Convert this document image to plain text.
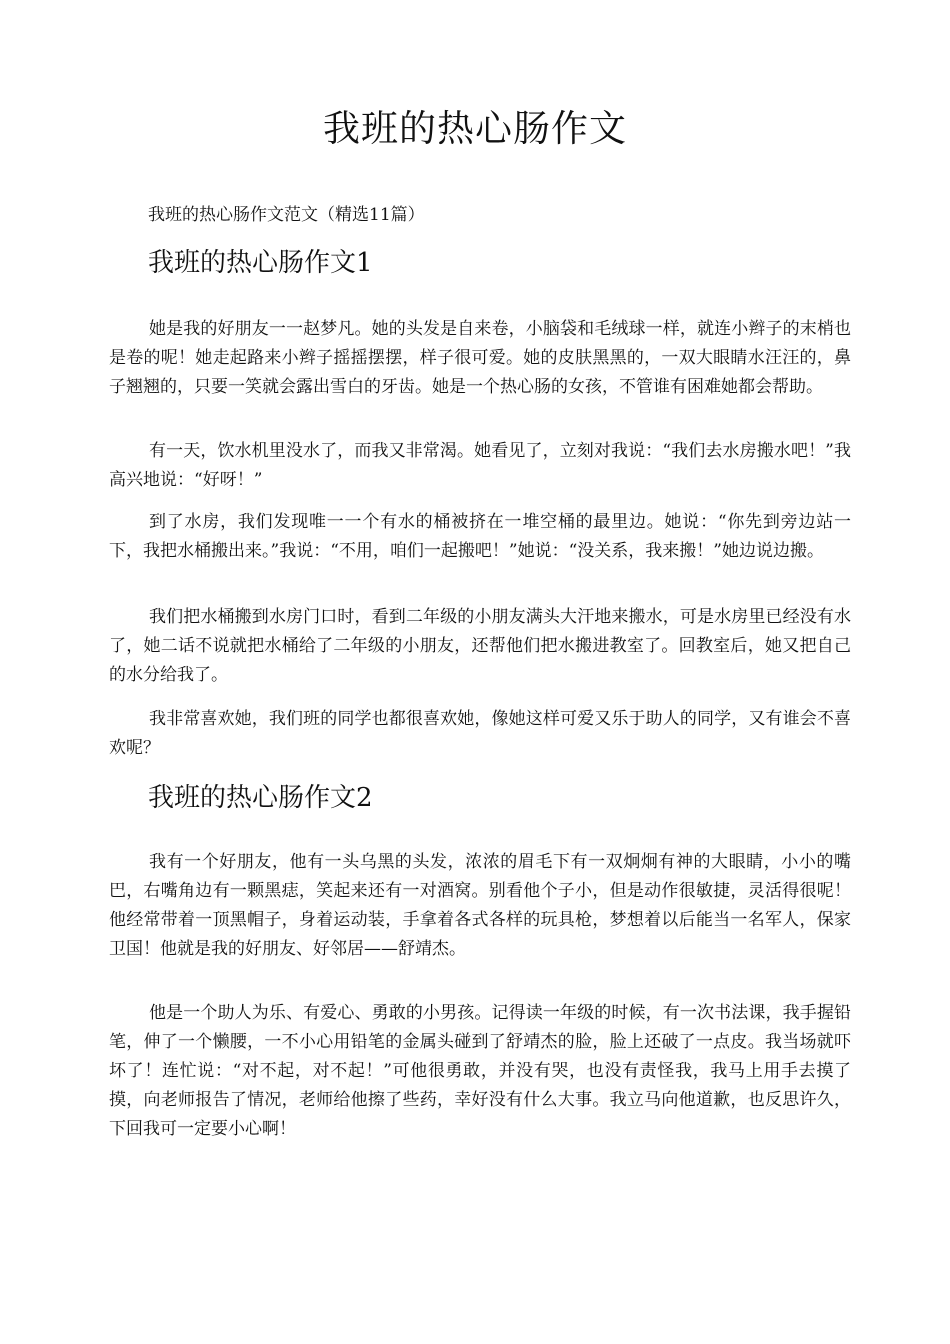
我班的热心肠作文

我班的热心肠作文范文（精选11篇）

我班的热心肠作文1

她是我的好朋友一一赵梦凡。她的头发是自来卷，小脑袋和毛绒球一样，就连小辫子的末梢也是卷的呢！她走起路来小辫子摇摇摆摆，样子很可爱。她的皮肤黑黑的，一双大眼睛水汪汪的，鼻子翘翘的，只要一笑就会露出雪白的牙齿。她是一个热心肠的女孩，不管谁有困难她都会帮助。

有一天，饮水机里没水了，而我又非常渴。她看见了，立刻对我说：“我们去水房搬水吧！”我高兴地说：“好呀！”

到了水房，我们发现唯一一个有水的桶被挤在一堆空桶的最里边。她说：“你先到旁边站一下，我把水桶搬出来。”我说：“不用，咱们一起搬吧！”她说：“没关系，我来搬！”她边说边搬。

我们把水桶搬到水房门口时，看到二年级的小朋友满头大汗地来搬水，可是水房里已经没有水了，她二话不说就把水桶给了二年级的小朋友，还帮他们把水搬进教室了。回教室后，她又把自己的水分给我了。

我非常喜欢她，我们班的同学也都很喜欢她，像她这样可爱又乐于助人的同学，又有谁会不喜欢呢？

我班的热心肠作文2

我有一个好朋友，他有一头乌黑的头发，浓浓的眉毛下有一双炯炯有神的大眼睛，小小的嘴巴，右嘴角边有一颗黑痣，笑起来还有一对酒窝。别看他个子小，但是动作很敏捷，灵活得很呢！他经常带着一顶黑帽子，身着运动装，手拿着各式各样的玩具枪，梦想着以后能当一名军人，保家卫国！他就是我的好朋友、好邻居——舒靖杰。

他是一个助人为乐、有爱心、勇敢的小男孩。记得读一年级的时候，有一次书法课，我手握铅笔，伸了一个懒腰，一不小心用铅笔的金属头碰到了舒靖杰的脸，脸上还破了一点皮。我当场就吓坏了！连忙说：“对不起，对不起！”可他很勇敢，并没有哭，也没有责怪我，我马上用手去摸了摸，向老师报告了情况，老师给他擦了些药，幸好没有什么大事。我立马向他道歉，也反思许久，下回我可一定要小心啊！
